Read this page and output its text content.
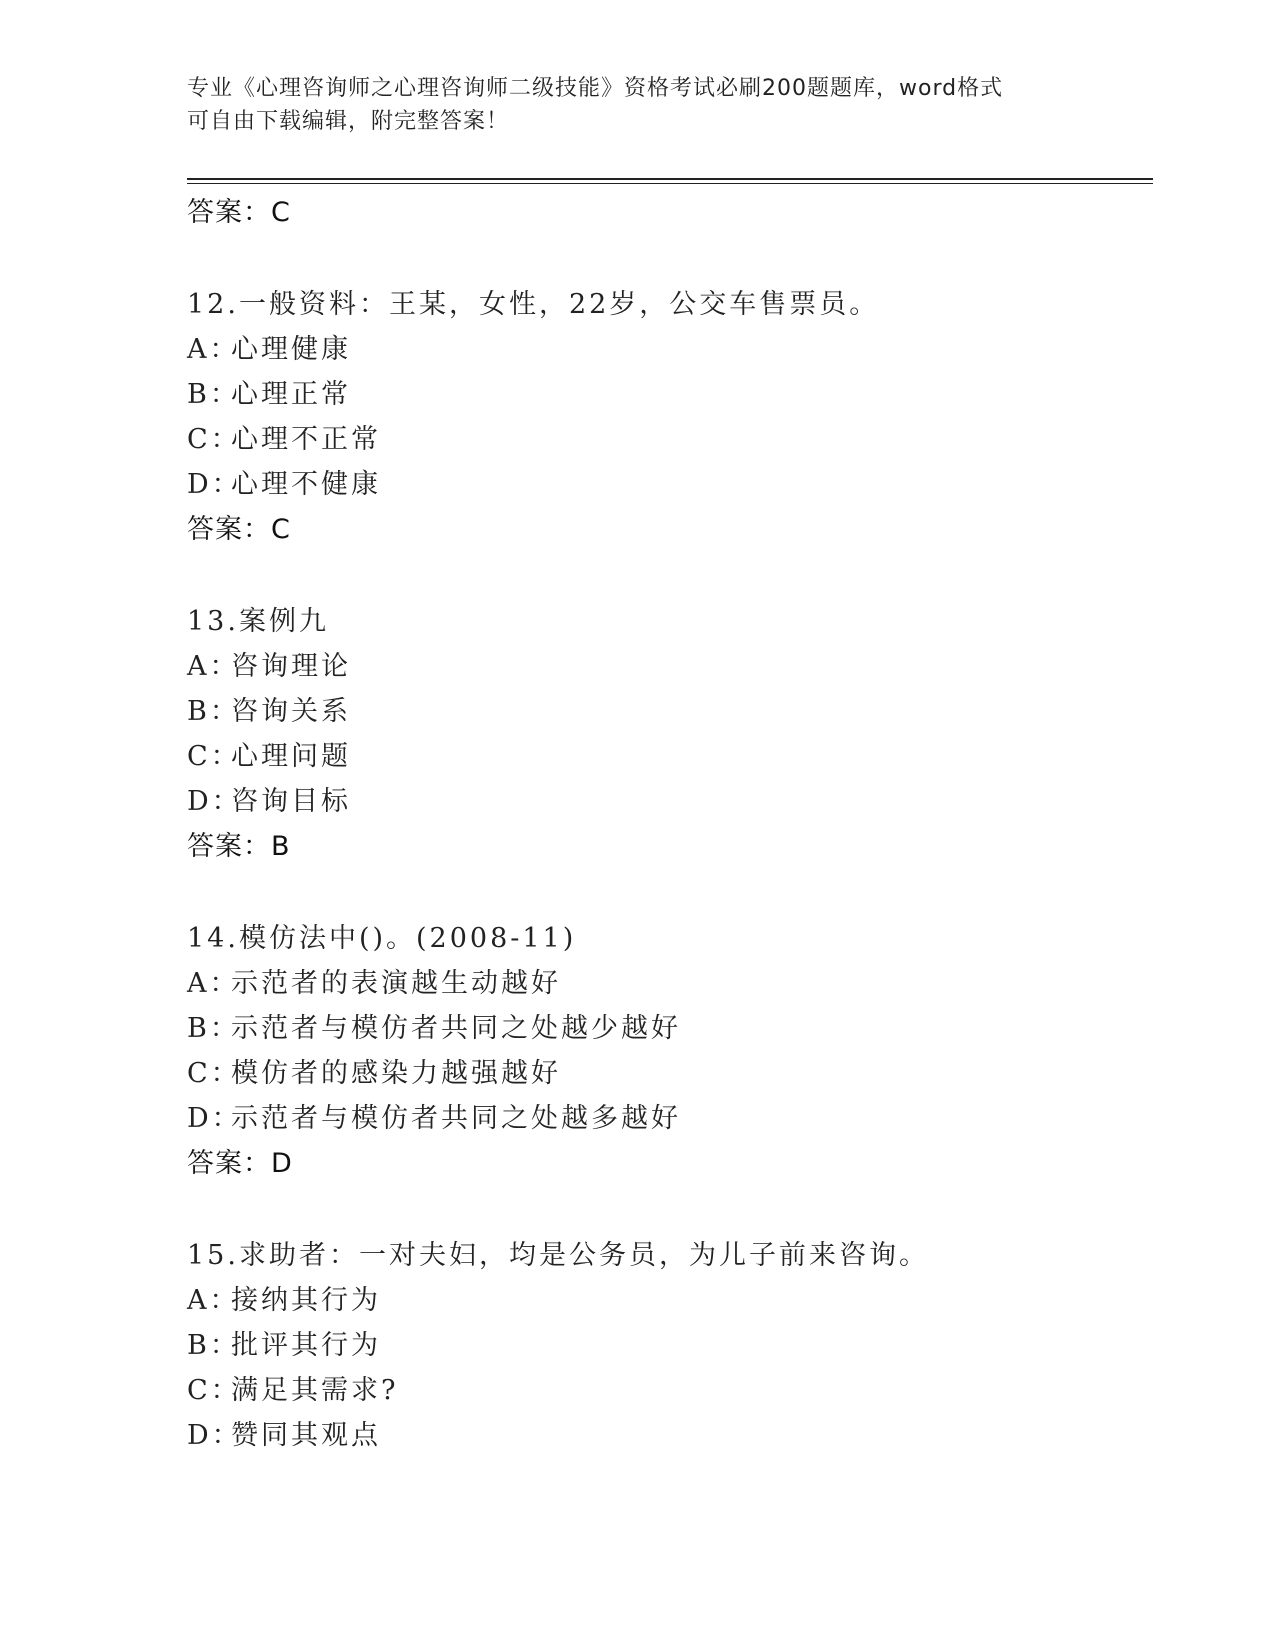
专业《心理咨询师之心理咨询师二级技能》资格考试必刷200题题库，word格式
可自由下载编辑，附完整答案！
答案：C
12.一般资料：王某，女性，22岁，公交车售票员。
A：心理健康
B：心理正常
C：心理不正常
D：心理不健康
答案：C
13.案例九
A：咨询理论
B：咨询关系
C：心理问题
D：咨询目标
答案：B
14.模仿法中()。(2008-11)
A：示范者的表演越生动越好
B：示范者与模仿者共同之处越少越好
C：模仿者的感染力越强越好
D：示范者与模仿者共同之处越多越好
答案：D
15.求助者：一对夫妇，均是公务员，为儿子前来咨询。
A：接纳其行为
B：批评其行为
C：满足其需求?
D：赞同其观点
